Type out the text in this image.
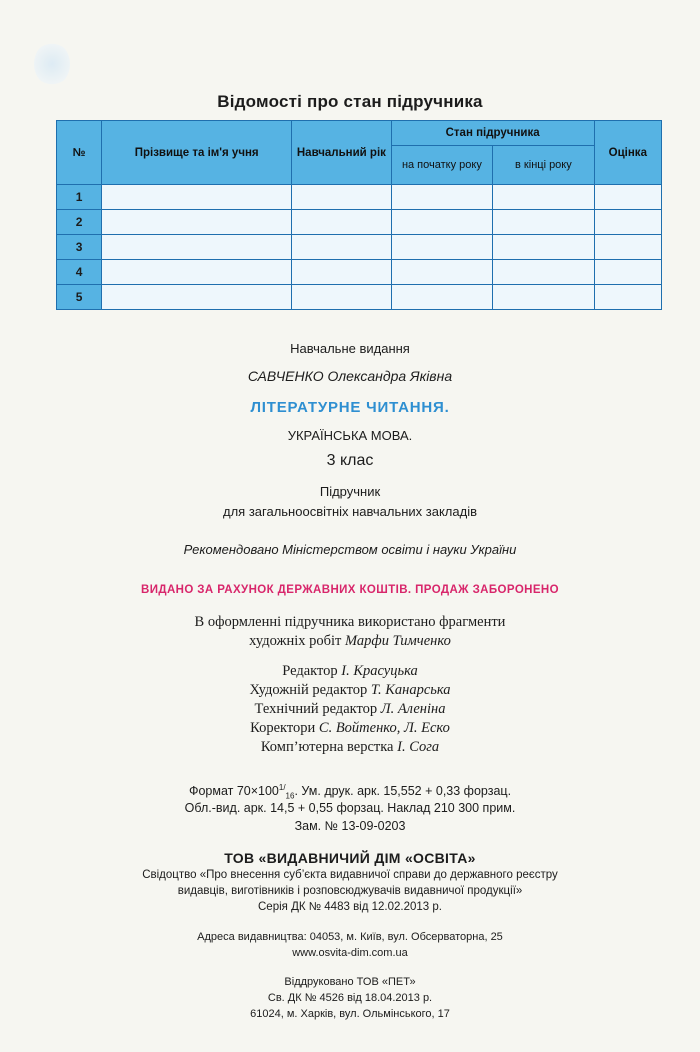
Відомості про стан підручника
№	Прізвище та ім'я учня	Навчальний рік	Стан підручника		Оцінка
			на початку року	в кінці року	
1					
2					
3					
4					
5					
Навчальне видання
САВЧЕНКО Олександра Яківна
ЛІТЕРАТУРНЕ ЧИТАННЯ.
УКРАЇНСЬКА МОВА.
3 клас
Підручник
для загальноосвітніх навчальних закладів
Рекомендовано Міністерством освіти і науки України
ВИДАНО ЗА РАХУНОК ДЕРЖАВНИХ КОШТІВ. ПРОДАЖ ЗАБОРОНЕНО
В оформленні підручника використано фрагменти
художніх робіт Марфи Тимченко
Редактор І. Красуцька
Художній редактор Т. Канарська
Технічний редактор Л. Аленіна
Коректори С. Войтенко, Л. Еско
Комп’ютерна верстка І. Сога
Формат $70\times 100^{1/}_{16}$. Ум. друк. арк. 15,552 + 0,33 форзац.
Обл.-вид. арк. 14,5 + 0,55 форзац. Наклад 210 300 прим.
Зам. № 13-09-0203
ТОВ «ВИДАВНИЧИЙ ДІМ «ОСВІТА»
Свідоцтво «Про внесення суб’єкта видавничої справи до державного реєстру
видавців, виготівників і розповсюджувачів видавничої продукції»
Серія ДК № 4483 від 12.02.2013 р.
Адреса видавництва: 04053, м. Київ, вул. Обсерваторна, 25
www.osvita-dim.com.ua
Віддруковано ТОВ «ПЕТ»
Св. ДК № 4526 від 18.04.2013 р.
61024, м. Харків, вул. Ольмінського, 17
